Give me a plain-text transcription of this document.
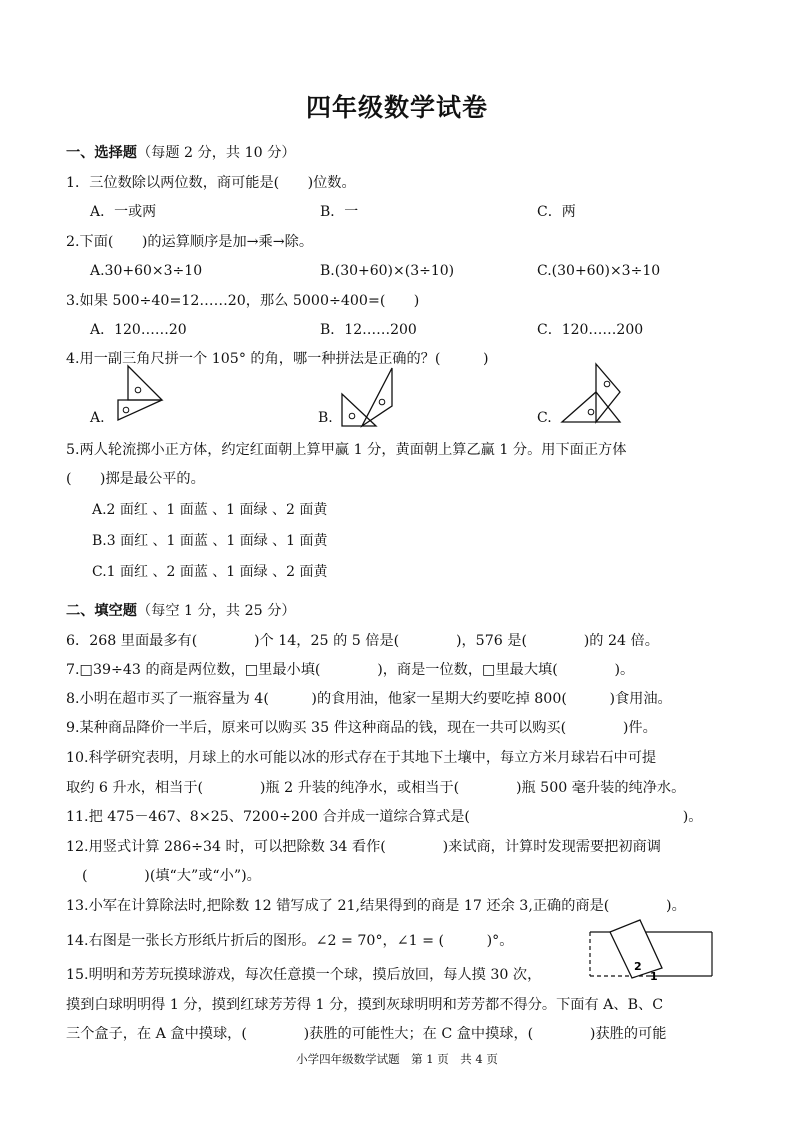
四年级数学试卷
一、选择题（每题 2 分，共 10 分）
1．三位数除以两位数，商可能是(　　)位数。
A．一或两	B．一	C．两
2.下面(　　)的运算顺序是加→乘→除。
A.30+60×3÷10	B.(30+60)×(3÷10)	C.(30+60)×3÷10
3.如果 500÷40=12……20，那么 5000÷400=(　　)
A．120……20	B．12……200	C．120……200
4.用一副三角尺拼一个 105° 的角，哪一种拼法是正确的？(　　　)
A.	B.	C.
5.两人轮流掷小正方体，约定红面朝上算甲赢 1 分，黄面朝上算乙赢 1 分。用下面正方体
(　　)掷是最公平的。
A.2 面红 、1 面蓝 、1 面绿 、2 面黄
B.3 面红 、1 面蓝 、1 面绿 、1 面黄
C.1 面红 、2 面蓝 、1 面绿 、2 面黄
二、填空题（每空 1 分，共 25 分）
6．268 里面最多有(　　　　)个 14，25 的 5 倍是(　　　　)，576 是(　　　　)的 24 倍。
7.□39÷43 的商是两位数，□里最小填(　　　　)，商是一位数，□里最大填(　　　　)。
8.小明在超市买了一瓶容量为 4(　　　)的食用油，他家一星期大约要吃掉 800(　　　)食用油。
9.某种商品降价一半后，原来可以购买 35 件这种商品的钱，现在一共可以购买(　　　　)件。
10.科学研究表明，月球上的水可能以冰的形式存在于其地下土壤中，每立方米月球岩石中可提
取约 6 升水，相当于(　　　　)瓶 2 升装的纯净水，或相当于(　　　　)瓶 500 毫升装的纯净水。
11.把 475－467、8×25、7200÷200 合并成一道综合算式是(　　　　　　　　　　　　　　　)。
12.用竖式计算 286÷34 时，可以把除数 34 看作(　　　　)来试商，计算时发现需要把初商调
(　　　　)(填“大”或“小”)。
13.小军在计算除法时,把除数 12 错写成了 21,结果得到的商是 17 还余 3,正确的商是(　　　　)。
14.右图是一张长方形纸片折后的图形。∠2 = 70°，∠1 = (　　　)°。
2
1
15.明明和芳芳玩摸球游戏，每次任意摸一个球，摸后放回，每人摸 30 次，
摸到白球明明得 1 分，摸到红球芳芳得 1 分，摸到灰球明明和芳芳都不得分。下面有 A、B、C
三个盒子，在 A 盒中摸球，(　　　　)获胜的可能性大；在 C 盒中摸球，(　　　　)获胜的可能
小学四年级数学试题　第 1 页　共 4 页
